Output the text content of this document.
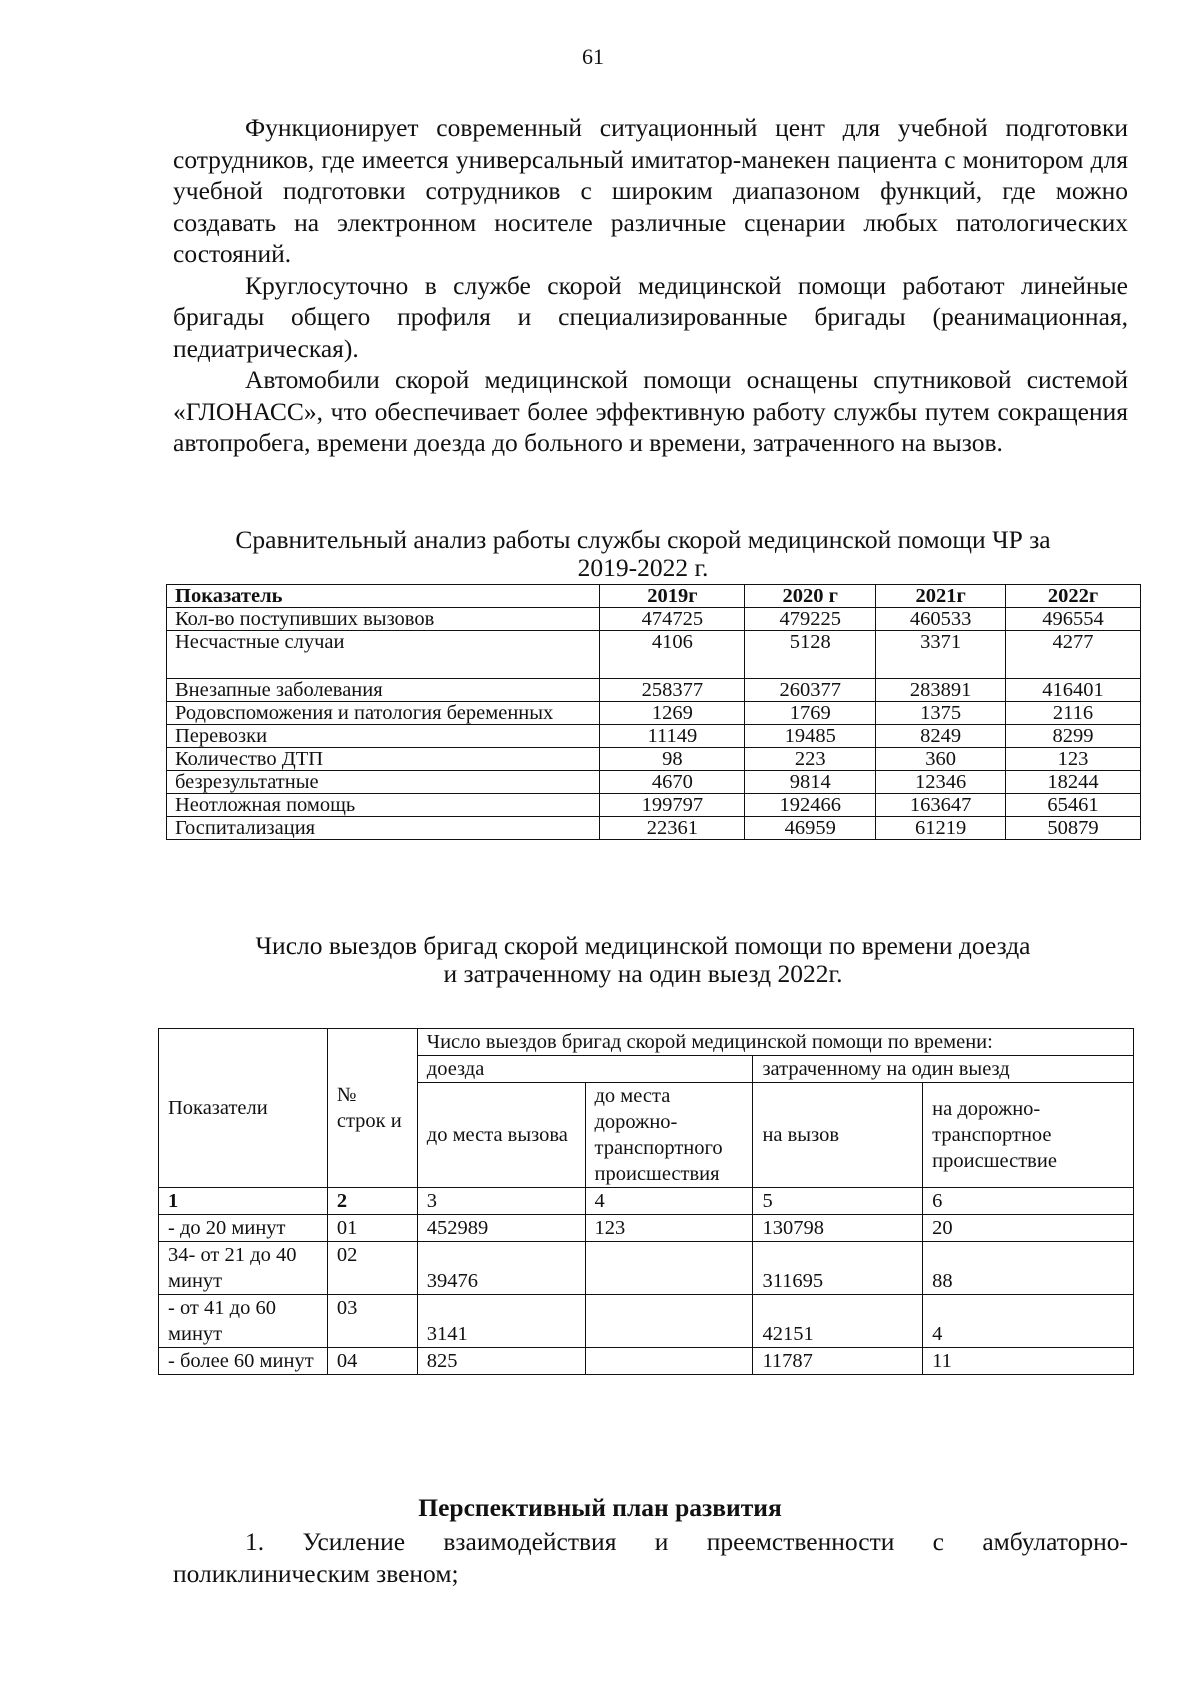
61

Функционирует современный ситуационный цент для учебной подготовки сотрудников, где имеется универсальный имитатор-манекен пациента с монитором для учебной подготовки сотрудников с широким диапазоном функций, где можно создавать на электронном носителе различные сценарии любых патологических состояний.

Круглосуточно в службе скорой медицинской помощи работают линейные бригады общего профиля и специализированные бригады (реанимационная, педиатрическая).

Автомобили скорой медицинской помощи оснащены спутниковой системой «ГЛОНАСС», что обеспечивает более эффективную работу службы путем сокращения автопробега, времени доезда до больного и времени, затраченного на вызов.

Сравнительный анализ работы службы скорой медицинской помощи ЧР за
2019-2022 г.
Показатель	2019г	2020 г	2021г	2022г
Кол-во поступивших вызовов	474725	479225	460533	496554
Несчастные случаи	4106	5128	3371	4277
Внезапные заболевания	258377	260377	283891	416401
Родовспоможения и патология беременных	1269	1769	1375	2116
Перевозки	11149	19485	8249	8299
Количество ДТП	98	223	360	123
безрезультатные	4670	9814	12346	18244
Неотложная помощь	199797	192466	163647	65461
Госпитализация	22361	46959	61219	50879
Число выездов бригад скорой медицинской помощи по времени доезда
и затраченному на один выезд 2022г.
Показатели	№ строк и	Число выездов бригад скорой медицинской помощи по времени:			
		доезда		затраченному на один выезд	
		до места вызова	до места дорожно-транспортного происшествия	на вызов	на дорожно-транспортное происшествие
1	2	3	4	5	6
- до 20 минут	01	452989	123	130798	20
34- от 21 до 40 минут	02	39476		311695	88
- от 41 до 60 минут	03	3141		42151	4
- более 60 минут	04	825		11787	11
Перспективный план развития

1. Усиление взаимодействия и преемственности с амбулаторно-поликлиническим звеном;
